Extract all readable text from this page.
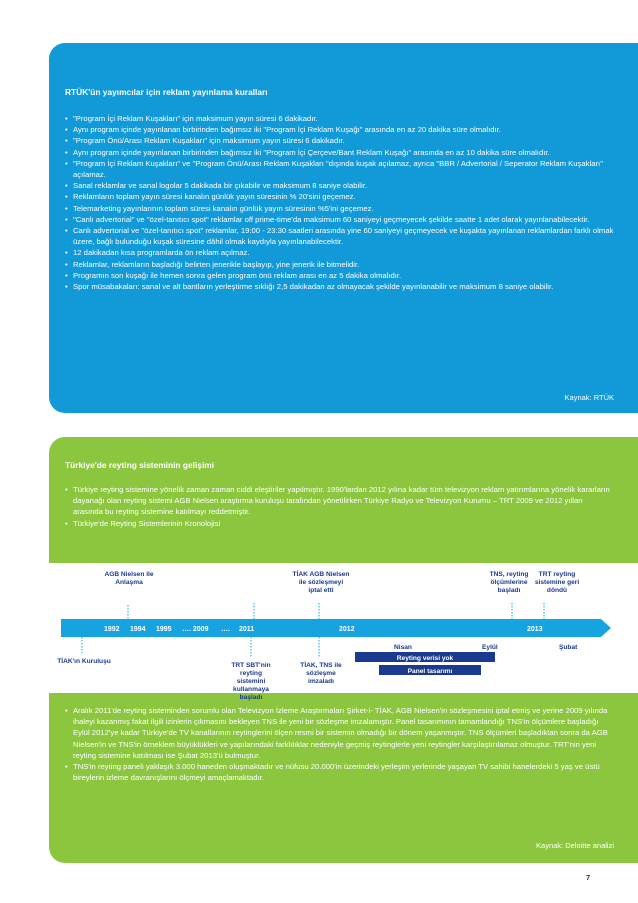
RTÜK'ün yayımcılar için reklam yayınlama kuralları
• "Program İçi Reklam Kuşakları" için maksimum yayın süresi 6 dakikadır.
• Aynı program içinde yayınlanan birbirinden bağımsız iki "Program İçi Reklam Kuşağı" arasında en az 20 dakika süre olmalıdır.
• "Program Önü/Arası Reklam Kuşakları" için maksimum yayın süresi 6 dakikadır.
• Aynı program içinde yayınlanan birbirinden bağımsız iki "Program İçi Çerçeve/Bant Reklam Kuşağı" arasında en az 10 dakika süre olmalıdır.
• "Program İçi Reklam Kuşakları" ve "Program Önü/Arası Reklam Kuşakları "dışında kuşak açılamaz, ayrıca "BBR / Advertorial / Seperator Reklam Kuşakları" açılamaz.
• Sanal reklamlar ve sanal logolar 5 dakikada bir çıkabilir ve maksimum 8 saniye olabilir.
• Reklamların toplam yayın süresi kanalın günlük yayın süresinin % 20'sini geçemez.
• Telemarketing yayınlarının toplam süresi kanalın günlük yayın süresinin %5'ini geçemez.
• "Canlı advertorial" ve "özel-tanıtıcı spot" reklamlar off prime-time'da maksimum 60 saniyeyi geçmeyecek şekilde saatte 1 adet olarak yayınlanabilecektir.
• Canlı advertorial ve "özel-tanıtıcı spot" reklamlar, 19:00 - 23:30 saatleri arasında yine 60 saniyeyi geçmeyecek ve kuşakta yayınlanan reklamlardan farklı olmak üzere, bağlı bulunduğu kuşak süresine dâhil olmak kaydıyla yayınlanabilecektir.
• 12 dakikadan kısa programlarda ön reklam açılmaz.
• Reklamlar, reklamların başladığı belirten jenerikle başlayıp, yine jenerik ile bitmelidir.
• Programın son kuşağı ile hemen sonra gelen program önü reklam arası en az 5 dakika olmalıdır.
• Spor müsabakaları: sanal ve alt bantların yerleştirme sıklığı 2,5 dakikadan az olmayacak şekilde yayınlanabilir ve maksimum 8 saniye olabilir.
Kaynak: RTÜK
Türkiye'de reyting sisteminin gelişimi
• Türkiye reyting sistemine yönelik zaman zaman ciddi eleştiriler yapılmıştır. 1990'lardan 2012 yılına kadar tüm televizyon reklam yatırımlarına yönelik kararların dayanağı olan reyting sistemi AGB Nielsen araştırma kuruluşu tarafından yönetilirken Türkiye Radyo ve Televizyon Kurumu – TRT 2009 ve 2012 yılları arasında bu reyting sistemine katılmayı reddetmiştir.
• Türkiye'de Reyting Sistemlerinin Kronolojisi
AGB Nielsen ile Anlaşma
TİAK AGB Nielsen ile sözleşmeyi iptal etti
TNS, reyting ölçümlerine başladı
TRT reyting sistemine geri döndü
1992 1994 1995 …. 2009 …. 2011	2012	2013
TİAK'ın Kuruluşu
TRT SBT'nin reyting sistemini kullanmaya başladı
TİAK, TNS ile sözleşme imzaladı
Nisan	Eylül	Şubat
Reyting verisi yok
Panel tasarımı
• Aralık 2011'de reyting sisteminden sorumlu olan Televizyon İzleme Araştırmaları Şirket-i- TİAK, AGB Nielsen'in sözleşmesini iptal etmiş ve yerine 2009 yılında ihaleyi kazanmış fakat ilgili izinlerin çıkmasını bekleyen TNS ile yeni bir sözleşme imzalamıştır. Panel tasarımının tamamlandığı TNS'in ölçümlere başladığı Eylül 2012'ye kadar Türkiye'de TV kanallarının reytinglerini ölçen resmi bir sistemin olmadığı bir dönem yaşanmıştır. TNS ölçümleri başladıktan sonra da AGB Nielsen'in ve TNS'in örneklem büyüklükleri ve yapılarındaki farklılıklar nedeniyle geçmiş reytinglerle yeni reytingler karşılaştırılamaz olmuştur. TRT'nin yeni reyting sistemine katılması ise Şubat 2013'ü bulmuştur.
• TNS'in reyting paneli yaklaşık 3.000 haneden oluşmaktadır ve nüfusu 20.000'in üzerindeki yerleşim yerlerinde yaşayan TV sahibi hanelerdeki 5 yaş ve üstü bireylerin izleme davranışlarını ölçmeyi amaçlamaktadır.
Kaynak: Deloitte analizi
7
